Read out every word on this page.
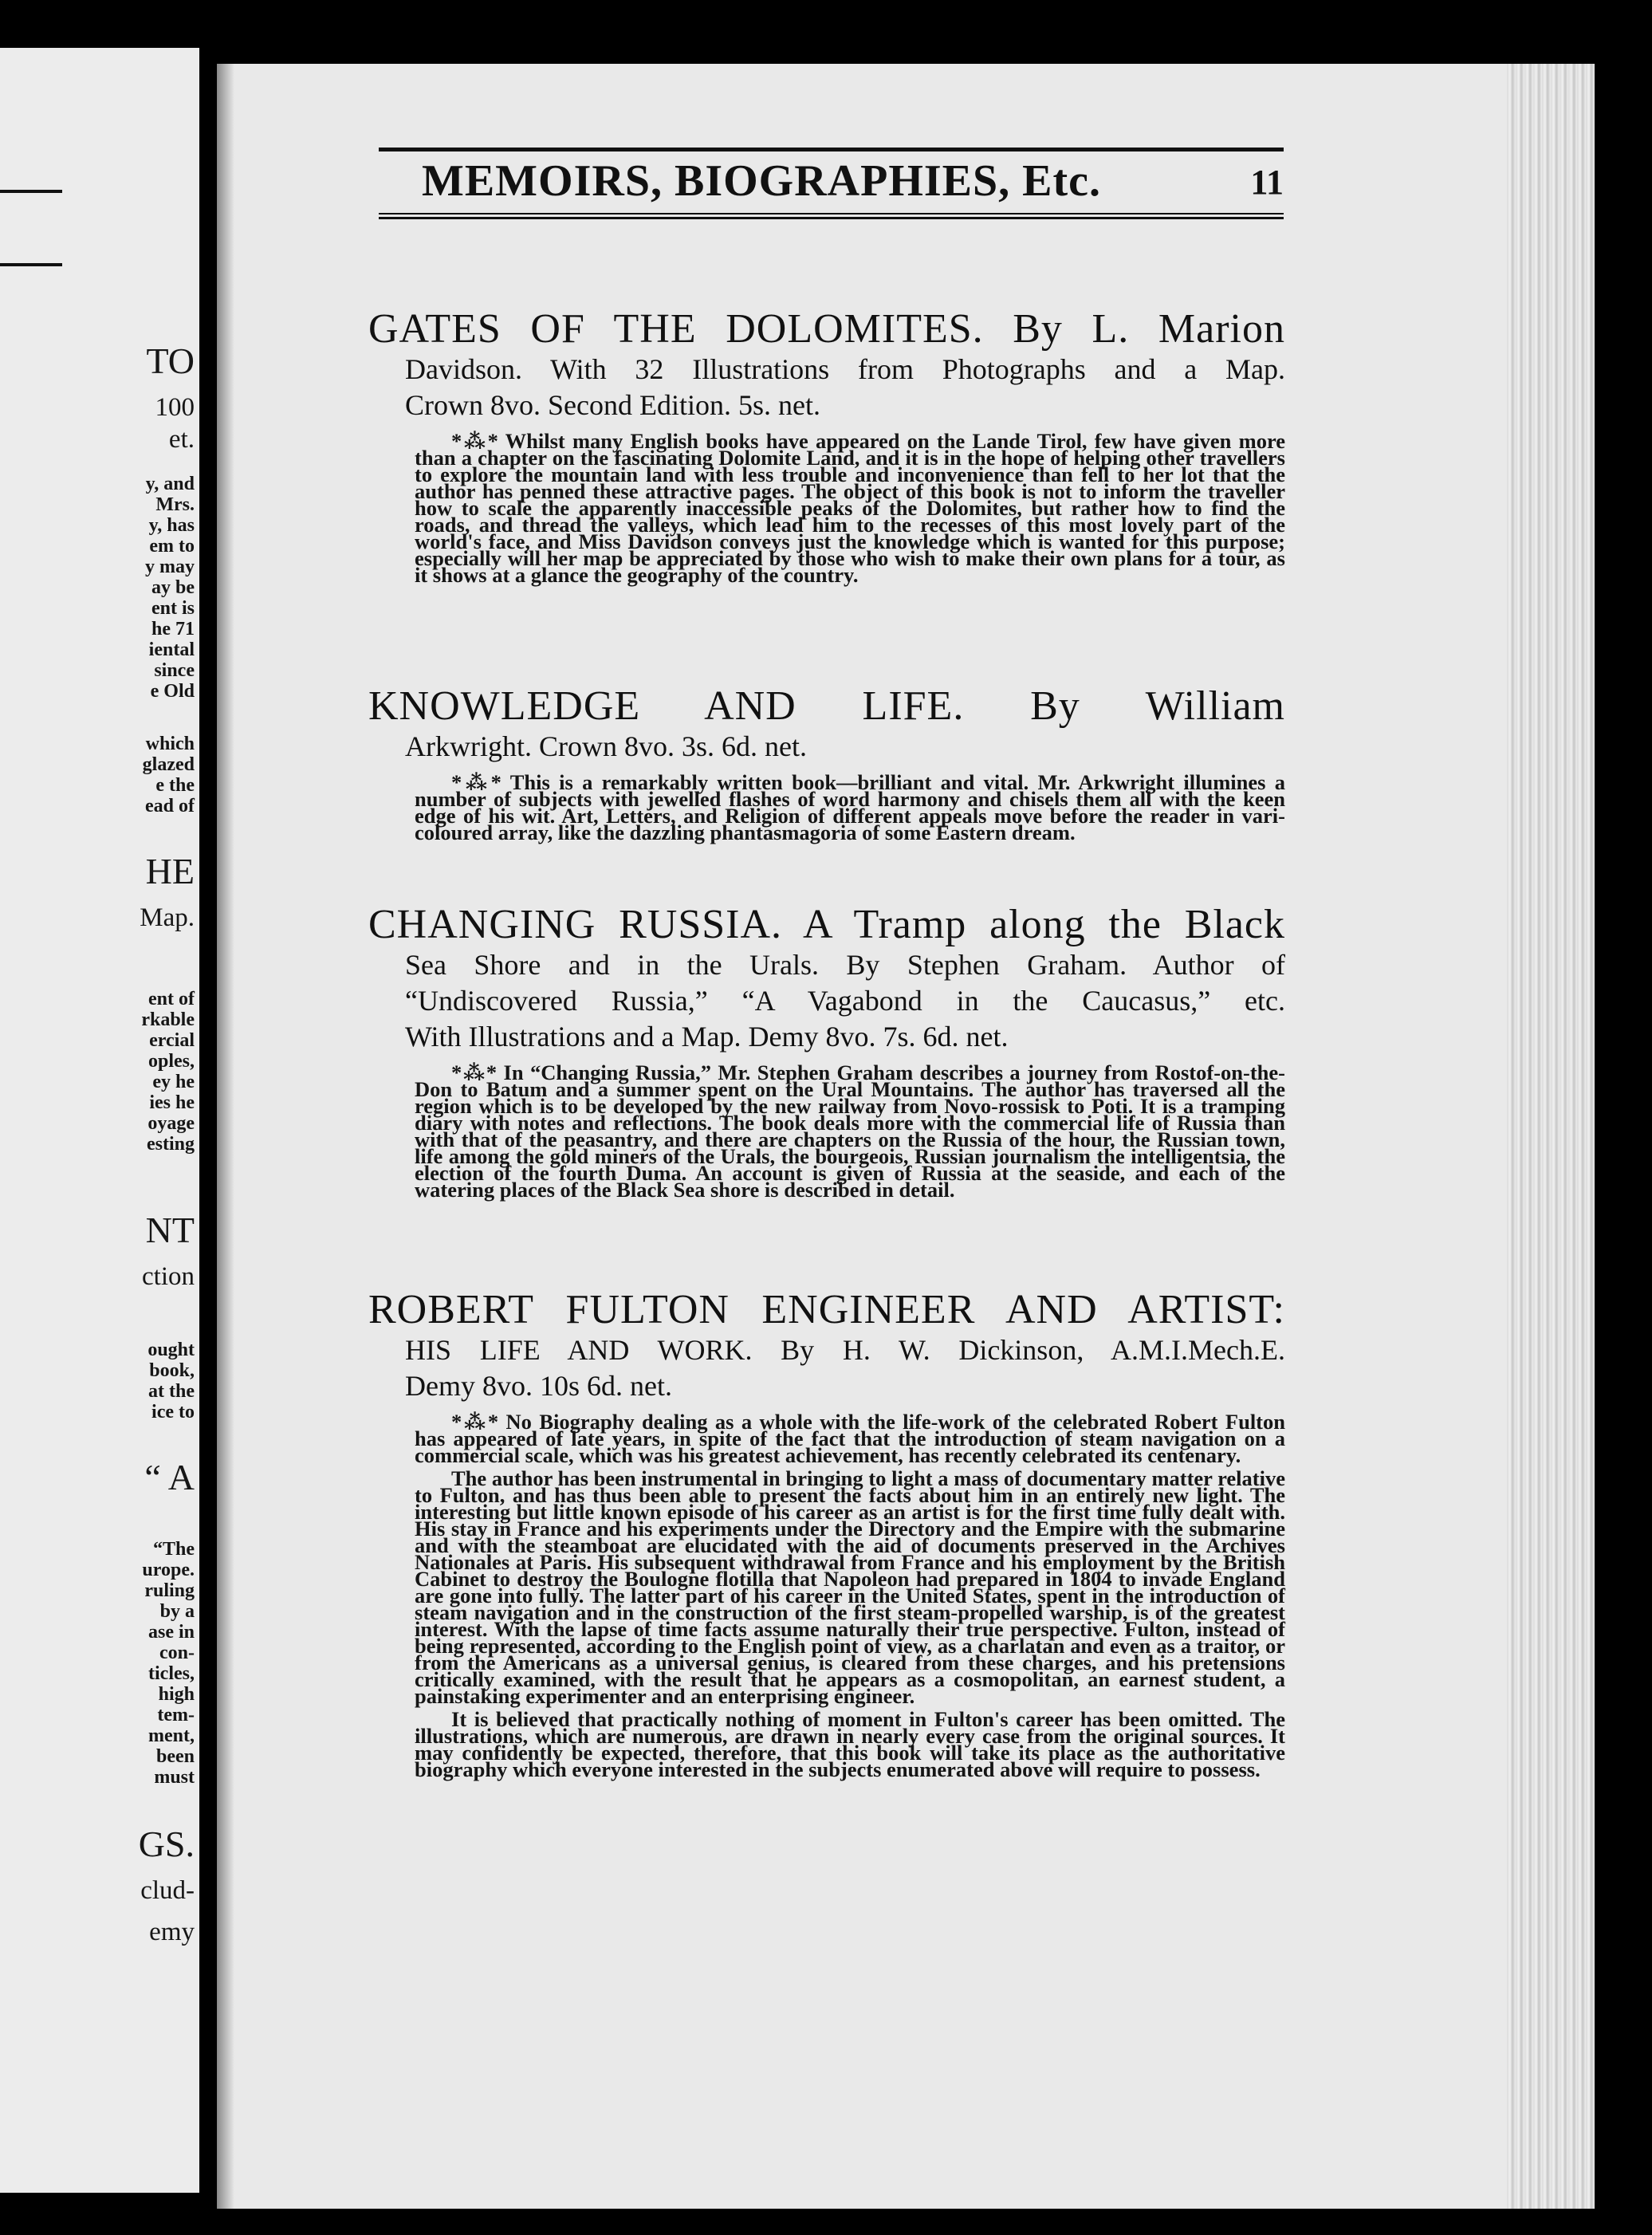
TO
100
et.
y, and
Mrs.
y, has
em to
y may
ay be
ent is
he 71
iental
since
e Old
which
glazed
e the
ead of
HE
Map.
ent of
rkable
ercial
oples,
ey he
ies he
oyage
esting
NT
ction
ought
book,
at the
ice to
“ A
“The
urope.
ruling
by a
ase in
con-
ticles,
high
tem-
ment,
been
must
GS.
clud-
emy
MEMOIRS, BIOGRAPHIES, Etc.	11
GATES OF THE DOLOMITES. By L. Marion
Davidson. With 32 Illustrations from Photographs and a Map.
Crown 8vo. Second Edition. 5s. net.

*⁂* Whilst many English books have appeared on the Lande Tirol, few have given more than a chapter on the fascinating Dolomite Land, and it is in the hope of helping other travellers to explore the mountain land with less trouble and inconvenience than fell to her lot that the author has penned these attractive pages. The object of this book is not to inform the traveller how to scale the apparently inaccessible peaks of the Dolomites, but rather how to find the roads, and thread the valleys, which lead him to the recesses of this most lovely part of the world's face, and Miss Davidson conveys just the knowledge which is wanted for this purpose; especially will her map be appreciated by those who wish to make their own plans for a tour, as it shows at a glance the geography of the country.

KNOWLEDGE AND LIFE. By William
Arkwright. Crown 8vo. 3s. 6d. net.

*⁂* This is a remarkably written book—brilliant and vital. Mr. Arkwright illumines a number of subjects with jewelled flashes of word harmony and chisels them all with the keen edge of his wit. Art, Letters, and Religion of different appeals move before the reader in vari-coloured array, like the dazzling phantasmagoria of some Eastern dream.

CHANGING RUSSIA. A Tramp along the Black
Sea Shore and in the Urals. By Stephen Graham. Author of
“Undiscovered Russia,” “A Vagabond in the Caucasus,” etc.
With Illustrations and a Map. Demy 8vo. 7s. 6d. net.

*⁂* In “Changing Russia,” Mr. Stephen Graham describes a journey from Rostof-on-the-Don to Batum and a summer spent on the Ural Mountains. The author has traversed all the region which is to be developed by the new railway from Novo-rossisk to Poti. It is a tramping diary with notes and reflections. The book deals more with the commercial life of Russia than with that of the peasantry, and there are chapters on the Russia of the hour, the Russian town, life among the gold miners of the Urals, the bourgeois, Russian journalism the intelligentsia, the election of the fourth Duma. An account is given of Russia at the seaside, and each of the watering places of the Black Sea shore is described in detail.

ROBERT FULTON ENGINEER AND ARTIST:
HIS LIFE AND WORK. By H. W. Dickinson, A.M.I.Mech.E.
Demy 8vo. 10s 6d. net.

*⁂* No Biography dealing as a whole with the life-work of the celebrated Robert Fulton has appeared of late years, in spite of the fact that the introduction of steam navigation on a commercial scale, which was his greatest achievement, has recently celebrated its centenary.

The author has been instrumental in bringing to light a mass of documentary matter relative to Fulton, and has thus been able to present the facts about him in an entirely new light. The interesting but little known episode of his career as an artist is for the first time fully dealt with. His stay in France and his experiments under the Directory and the Empire with the submarine and with the steamboat are elucidated with the aid of documents preserved in the Archives Nationales at Paris. His subsequent withdrawal from France and his employment by the British Cabinet to destroy the Boulogne flotilla that Napoleon had prepared in 1804 to invade England are gone into fully. The latter part of his career in the United States, spent in the introduction of steam navigation and in the construction of the first steam-propelled warship, is of the greatest interest. With the lapse of time facts assume naturally their true perspective. Fulton, instead of being represented, according to the English point of view, as a charlatan and even as a traitor, or from the Americans as a universal genius, is cleared from these charges, and his pretensions critically examined, with the result that he appears as a cosmopolitan, an earnest student, a painstaking experimenter and an enterprising engineer.

It is believed that practically nothing of moment in Fulton's career has been omitted. The illustrations, which are numerous, are drawn in nearly every case from the original sources. It may confidently be expected, therefore, that this book will take its place as the authoritative biography which everyone interested in the subjects enumerated above will require to possess.
